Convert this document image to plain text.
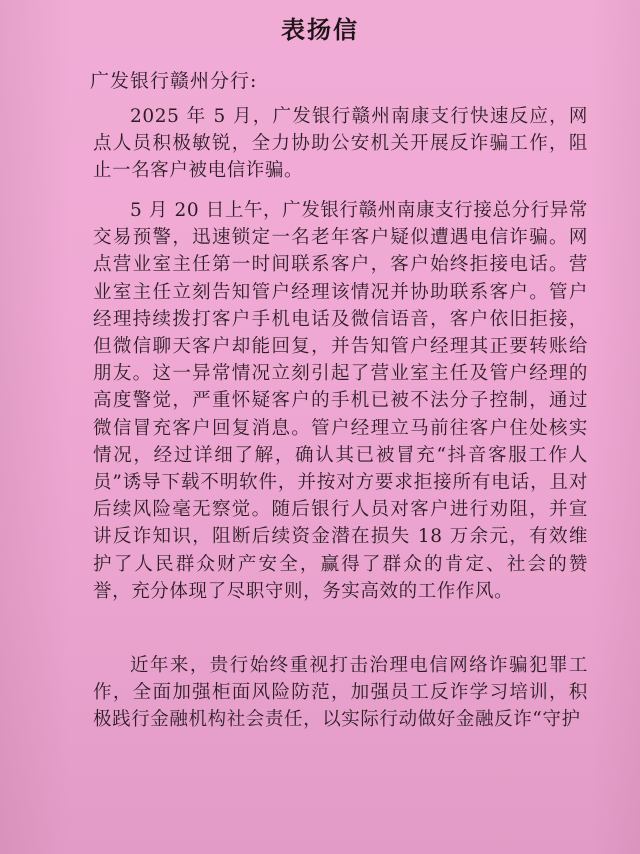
表扬信
广发银行赣州分行:

2025 年 5 月，广发银行赣州南康支行快速反应，网点人员积极敏锐，全力协助公安机关开展反诈骗工作，阻止一名客户被电信诈骗。

5 月 20 日上午，广发银行赣州南康支行接总分行异常交易预警，迅速锁定一名老年客户疑似遭遇电信诈骗。网点营业室主任第一时间联系客户，客户始终拒接电话。营业室主任立刻告知管户经理该情况并协助联系客户。管户经理持续拨打客户手机电话及微信语音，客户依旧拒接，但微信聊天客户却能回复，并告知管户经理其正要转账给朋友。这一异常情况立刻引起了营业室主任及管户经理的高度警觉，严重怀疑客户的手机已被不法分子控制，通过微信冒充客户回复消息。管户经理立马前往客户住处核实情况，经过详细了解，确认其已被冒充“抖音客服工作人员”诱导下载不明软件，并按对方要求拒接所有电话，且对后续风险毫无察觉。随后银行人员对客户进行劝阻，并宣讲反诈知识，阻断后续资金潜在损失 18 万余元，有效维护了人民群众财产安全，赢得了群众的肯定、社会的赞誉，充分体现了尽职守则，务实高效的工作作风。

近年来，贵行始终重视打击治理电信网络诈骗犯罪工作，全面加强柜面风险防范，加强员工反诈学习培训，积极践行金融机构社会责任，以实际行动做好金融反诈“守护
